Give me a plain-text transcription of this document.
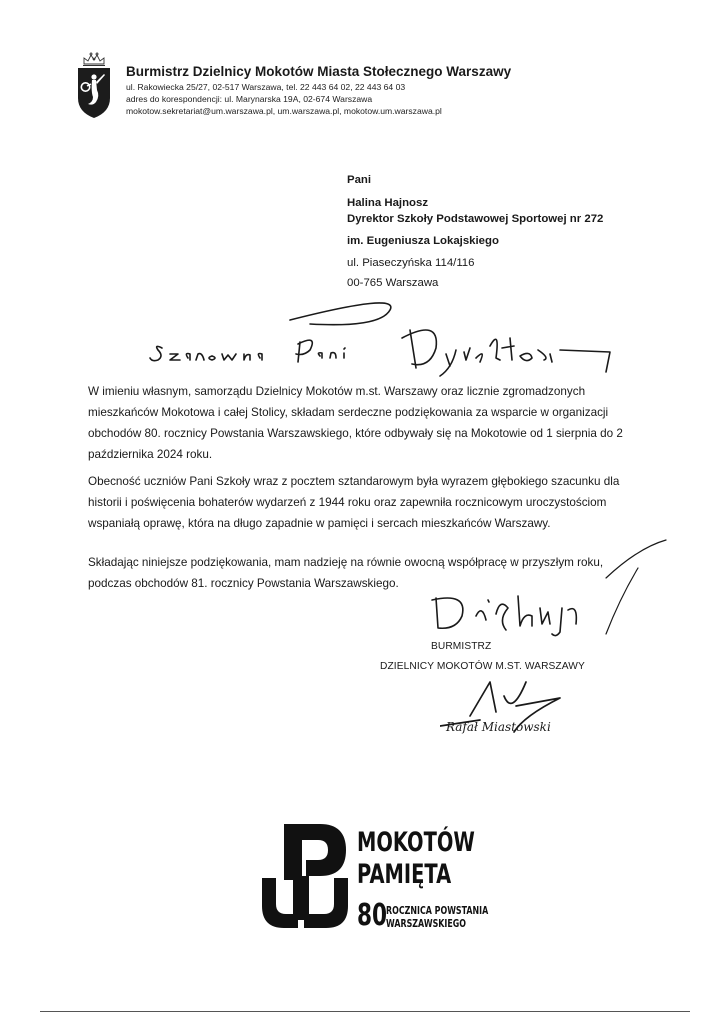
Burmistrz Dzielnicy Mokotów Miasta Stołecznego Warszawy
ul. Rakowiecka 25/27, 02-517 Warszawa, tel. 22 443 64 02, 22 443 64 03
adres do korespondencji: ul. Marynarska 19A, 02-674 Warszawa
mokotow.sekretariat@um.warszawa.pl, um.warszawa.pl, mokotow.um.warszawa.pl
Pani
Halina Hajnosz
Dyrektor Szkoły Podstawowej Sportowej nr 272
im. Eugeniusza Lokajskiego
ul. Piaseczyńska 114/116
00-765 Warszawa
W imieniu własnym, samorządu Dzielnicy Mokotów m.st. Warszawy oraz licznie zgromadzonych mieszkańców Mokotowa i całej Stolicy, składam serdeczne podziękowania za wsparcie w organizacji obchodów 80. rocznicy Powstania Warszawskiego, które odbywały się na Mokotowie od 1 sierpnia do 2 października 2024 roku.
Obecność uczniów Pani Szkoły wraz z pocztem sztandarowym była wyrazem głębokiego szacunku dla historii i poświęcenia bohaterów wydarzeń z 1944 roku oraz zapewniła rocznicowym uroczystościom wspaniałą oprawę, która na długo zapadnie w pamięci i sercach mieszkańców Warszawy.
Składając niniejsze podziękowania, mam nadzieję na równie owocną współpracę w przyszłym roku, podczas obchodów 81. rocznicy Powstania Warszawskiego.
BURMISTRZ
DZIELNICY MOKOTÓW M.ST. WARSZAWY
Rafał Miastowski
MOKOTÓW
PAMIĘTA
80
ROCZNICA POWSTANIA
WARSZAWSKIEGO
